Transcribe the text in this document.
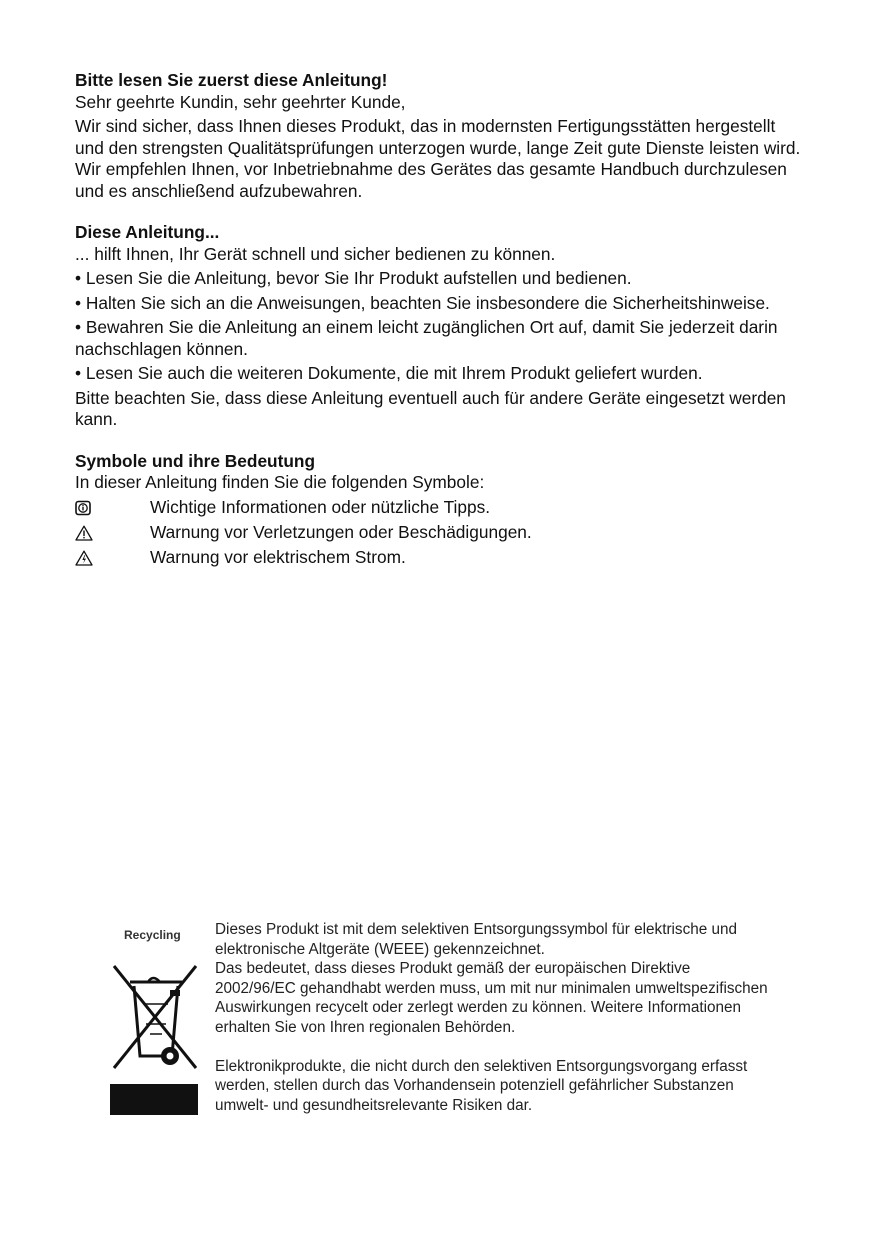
Bitte lesen Sie zuerst diese Anleitung!

Sehr geehrte Kundin, sehr geehrter Kunde,

Wir sind sicher, dass Ihnen dieses Produkt, das in modernsten Fertigungsstätten hergestellt und den strengsten Qualitätsprüfungen unterzogen wurde, lange Zeit gute Dienste leisten wird.

Wir empfehlen Ihnen, vor Inbetriebnahme des Gerätes das gesamte Handbuch durchzulesen und es anschließend aufzubewahren.

Diese Anleitung...

... hilft Ihnen, Ihr Gerät schnell und sicher bedienen zu können.

• Lesen Sie die Anleitung, bevor Sie Ihr Produkt aufstellen und bedienen.

• Halten Sie sich an die Anweisungen, beachten Sie insbesondere die Sicherheitshinweise.

• Bewahren Sie die Anleitung an einem leicht zugänglichen Ort auf, damit Sie jederzeit darin nachschlagen können.

• Lesen Sie auch die weiteren Dokumente, die mit Ihrem Produkt geliefert wurden.

Bitte beachten Sie, dass diese Anleitung eventuell auch für andere Geräte eingesetzt werden kann.

Symbole und ihre Bedeutung

In dieser Anleitung finden Sie die folgenden Symbole:

Wichtige Informationen oder nützliche Tipps.
Warnung vor Verletzungen oder Beschädigungen.
Warnung vor elektrischem Strom.
Recycling Dieses Produkt ist mit dem selektiven Entsorgungssymbol für elektrische und elektronische Altgeräte (WEEE) gekennzeichnet.

Das bedeutet, dass dieses Produkt gemäß der europäischen Direktive 2002/96/EC gehandhabt werden muss, um mit nur minimalen umweltspezifischen Auswirkungen recycelt oder zerlegt werden zu können. Weitere Informationen erhalten Sie von Ihren regionalen Behörden.

Elektronikprodukte, die nicht durch den selektiven Entsorgungsvorgang erfasst werden, stellen durch das Vorhandensein potenziell gefährlicher Substanzen umwelt- und gesundheitsrelevante Risiken dar.
